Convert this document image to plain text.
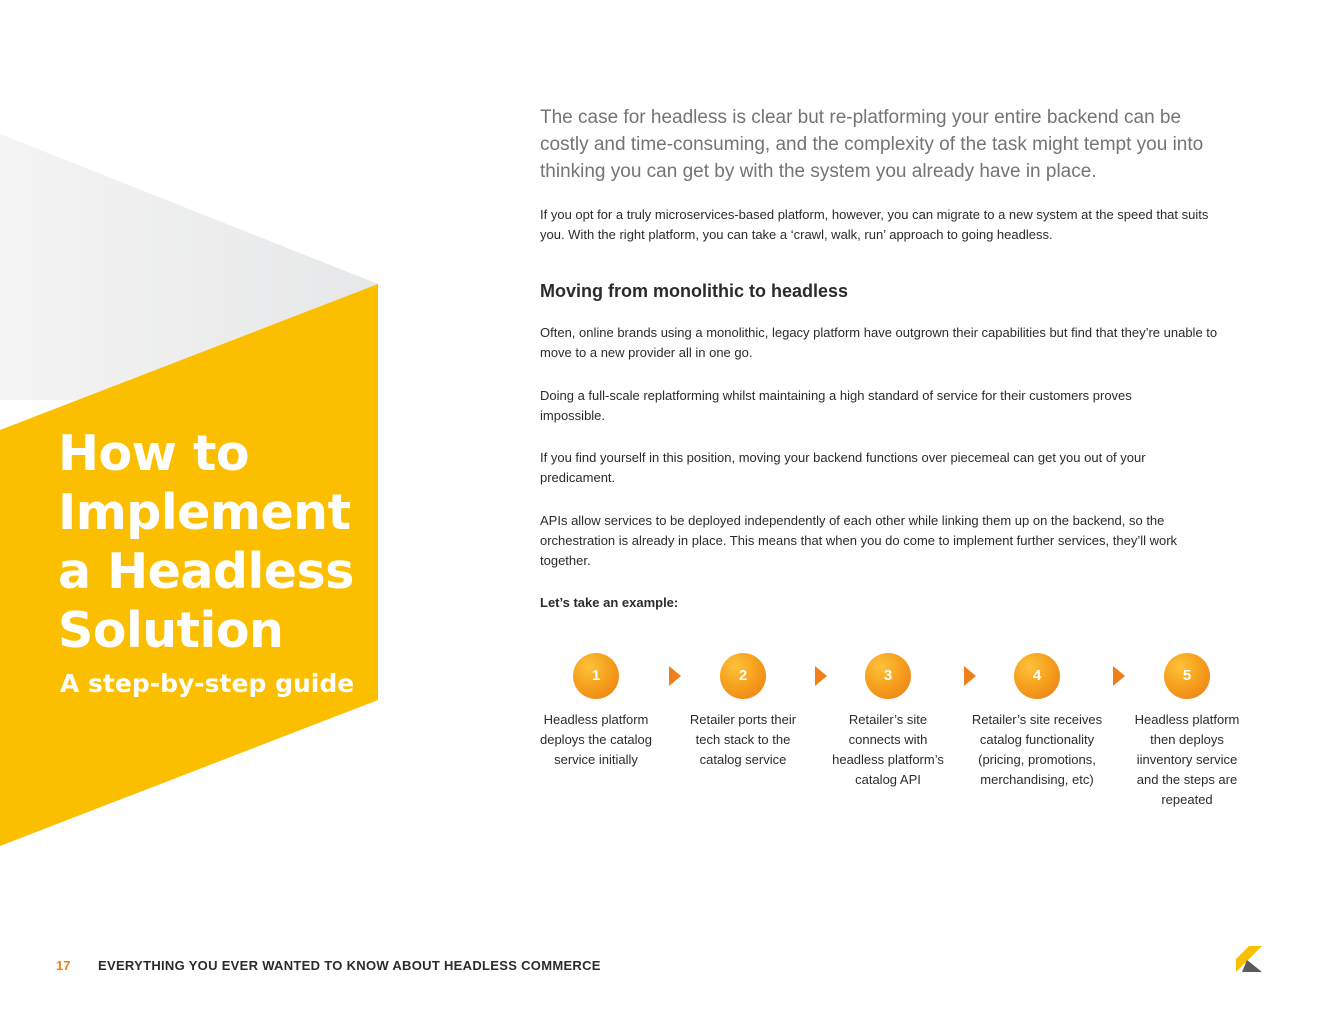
How to Implement a Headless Solution
A step-by-step guide

The case for headless is clear but re-platforming your entire backend can be costly and time-consuming, and the complexity of the task might tempt you into thinking you can get by with the system you already have in place.

If you opt for a truly microservices-based platform, however, you can migrate to a new system at the speed that suits you. With the right platform, you can take a ‘crawl, walk, run’ approach to going headless.

Moving from monolithic to headless

Often, online brands using a monolithic, legacy platform have outgrown their capabilities but find that they’re unable to move to a new provider all in one go.

Doing a full-scale replatforming whilst maintaining a high standard of service for their customers proves impossible.

If you find yourself in this position, moving your backend functions over piecemeal can get you out of your predicament.

APIs allow services to be deployed independently of each other while linking them up on the backend, so the orchestration is already in place. This means that when you do come to implement further services, they’ll work together.

Let’s take an example:

1
Headless platform deploys the catalog service initially
2
Retailer ports their tech stack to the catalog service
3
Retailer’s site connects with headless platform’s catalog API
4
Retailer’s site receives catalog functionality (pricing, promotions, merchandising, etc)
5
Headless platform then deploys iinventory service and the steps are repeated
17 EVERYTHING YOU EVER WANTED TO KNOW ABOUT HEADLESS COMMERCE
